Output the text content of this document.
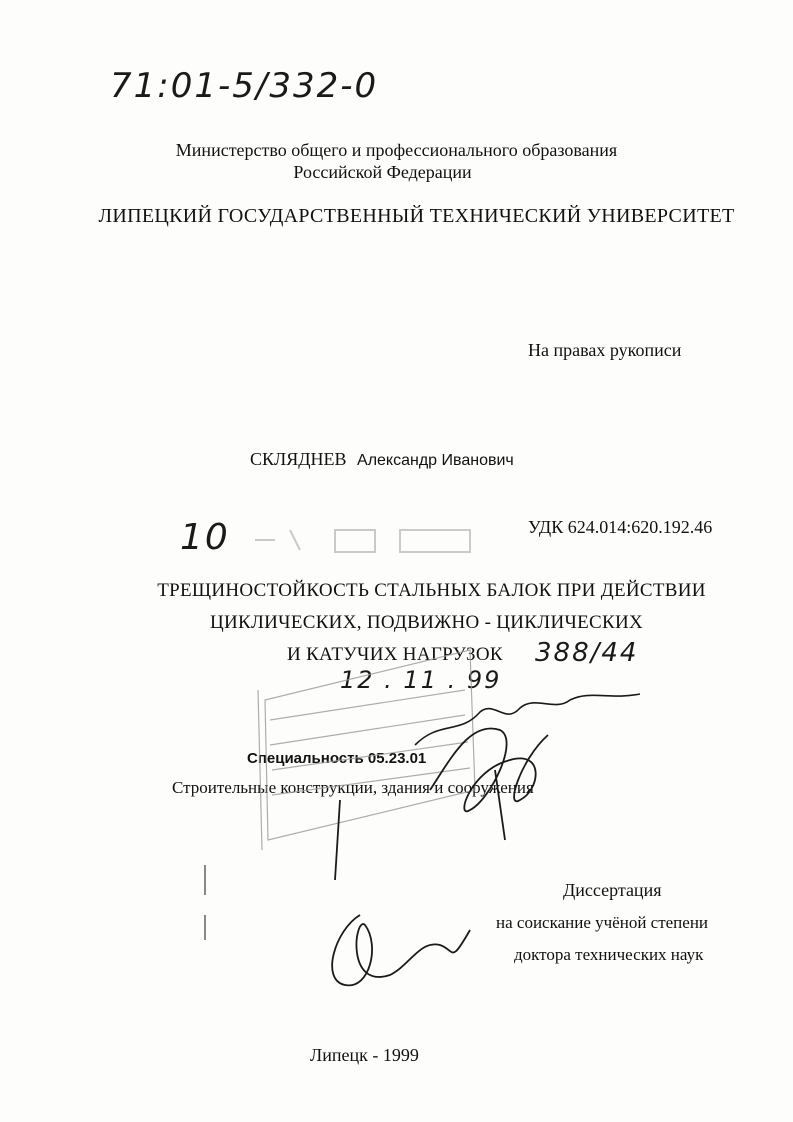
71:01-5/332-0
Министерство общего и профессионального образования
Российской Федерации
ЛИПЕЦКИЙ ГОСУДАРСТВЕННЫЙ ТЕХНИЧЕСКИЙ УНИВЕРСИТЕТ
На правах рукописи
СКЛЯДНЕВ Александр Иванович
10	УДК 624.014:620.192.46
ТРЕЩИНОСТОЙКОСТЬ СТАЛЬНЫХ БАЛОК ПРИ ДЕЙСТВИИ
ЦИКЛИЧЕСКИХ, ПОДВИЖНО - ЦИКЛИЧЕСКИХ
И КАТУЧИХ НАГРУЗОК
12 . 11 . 99
388/44
Специальность 05.23.01
Строительные конструкции, здания и сооружения
Диссертация
на соискание учёной степени
доктора технических наук
Липецк - 1999
